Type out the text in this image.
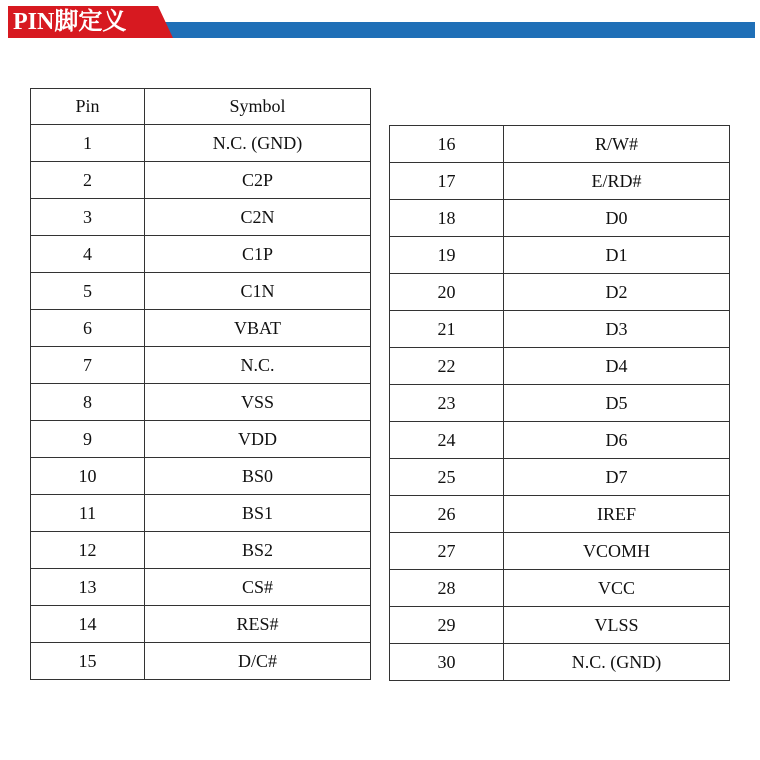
PIN脚定义
Pin	Symbol
1	N.C. (GND)
2	C2P
3	C2N
4	C1P
5	C1N
6	VBAT
7	N.C.
8	VSS
9	VDD
10	BS0
11	BS1
12	BS2
13	CS#
14	RES#
15	D/C#
16	R/W#
17	E/RD#
18	D0
19	D1
20	D2
21	D3
22	D4
23	D5
24	D6
25	D7
26	IREF
27	VCOMH
28	VCC
29	VLSS
30	N.C. (GND)
